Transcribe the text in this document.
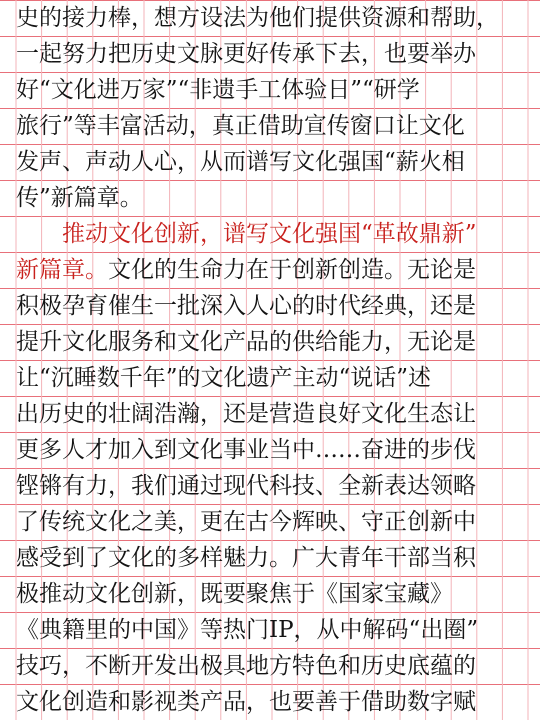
史的接力棒，想方设法为他们提供资源和帮助，
一起努力把历史文脉更好传承下去，也要举办
好“文化进万家”“非遗手工体验日”“研学
旅行”等丰富活动，真正借助宣传窗口让文化
发声、声动人心，从而谱写文化强国“薪火相
传”新篇章。
　　推动文化创新，谱写文化强国“革故鼎新”
新篇章。文化的生命力在于创新创造。无论是
积极孕育催生一批深入人心的时代经典，还是
提升文化服务和文化产品的供给能力，无论是
让“沉睡数千年”的文化遗产主动“说话”述
出历史的壮阔浩瀚，还是营造良好文化生态让
更多人才加入到文化事业当中……奋进的步伐
铿锵有力，我们通过现代科技、全新表达领略
了传统文化之美，更在古今辉映、守正创新中
感受到了文化的多样魅力。广大青年干部当积
极推动文化创新，既要聚焦于《国家宝藏》
《典籍里的中国》等热门IP，从中解码“出圈”
技巧，不断开发出极具地方特色和历史底蕴的
文化创造和影视类产品，也要善于借助数字赋
